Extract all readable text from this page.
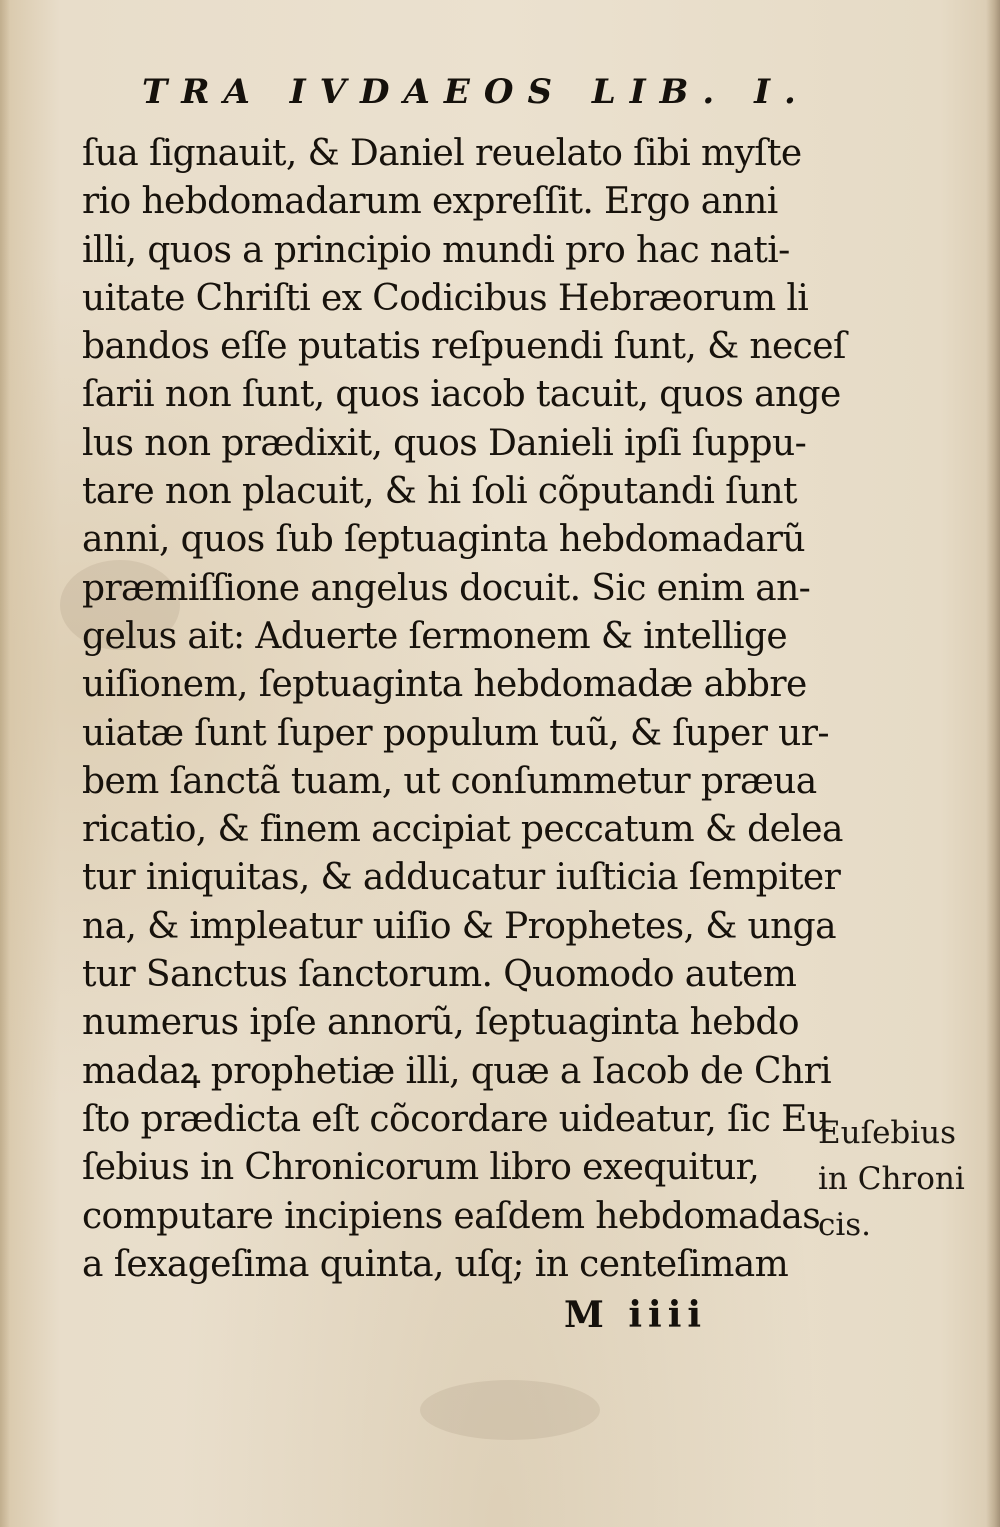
TRA IVDAEOS LIB. I.
ſua ſignauit, & Daniel reuelato ſibi myſte
rio hebdomadarum expreſſit. Ergo anni
illi, quos a principio mundi pro hac nati-
uitate Chriſti ex Codicibus Hebræorum li
bandos eſſe putatis reſpuendi ſunt, & neceſ
ſarii non ſunt, quos iacob tacuit, quos ange
lus non prædixit, quos Danieli ipſi ſuppu-
tare non placuit, & hi ſoli cõputandi ſunt
anni, quos ſub ſeptuaginta hebdomadarũ
præmiſſione angelus docuit. Sic enim an-
gelus ait: Aduerte ſermonem & intellige
uiſionem, ſeptuaginta hebdomadæ abbre
uiatæ ſunt ſuper populum tuũ, & ſuper ur-
bem ſanctã tuam, ut conſummetur præua
ricatio, & finem accipiat peccatum & delea
tur iniquitas, & adducatur iuſticia ſempiter
na, & impleatur uiſio & Prophetes, & unga
tur Sanctus ſanctorum. Quomodo autem
numerus ipſe annorũ, ſeptuaginta hebdo
madaꝝ prophetiæ illi, quæ a Iacob de Chri
ſto prædicta eſt cõcordare uideatur, ſic Eu
ſebius in Chronicorum libro exequitur,
computare incipiens eaſdem hebdomadas
a ſexageſima quinta, uſq; in centeſimam
Euſebius
in Chroni
cis.
M iiii
